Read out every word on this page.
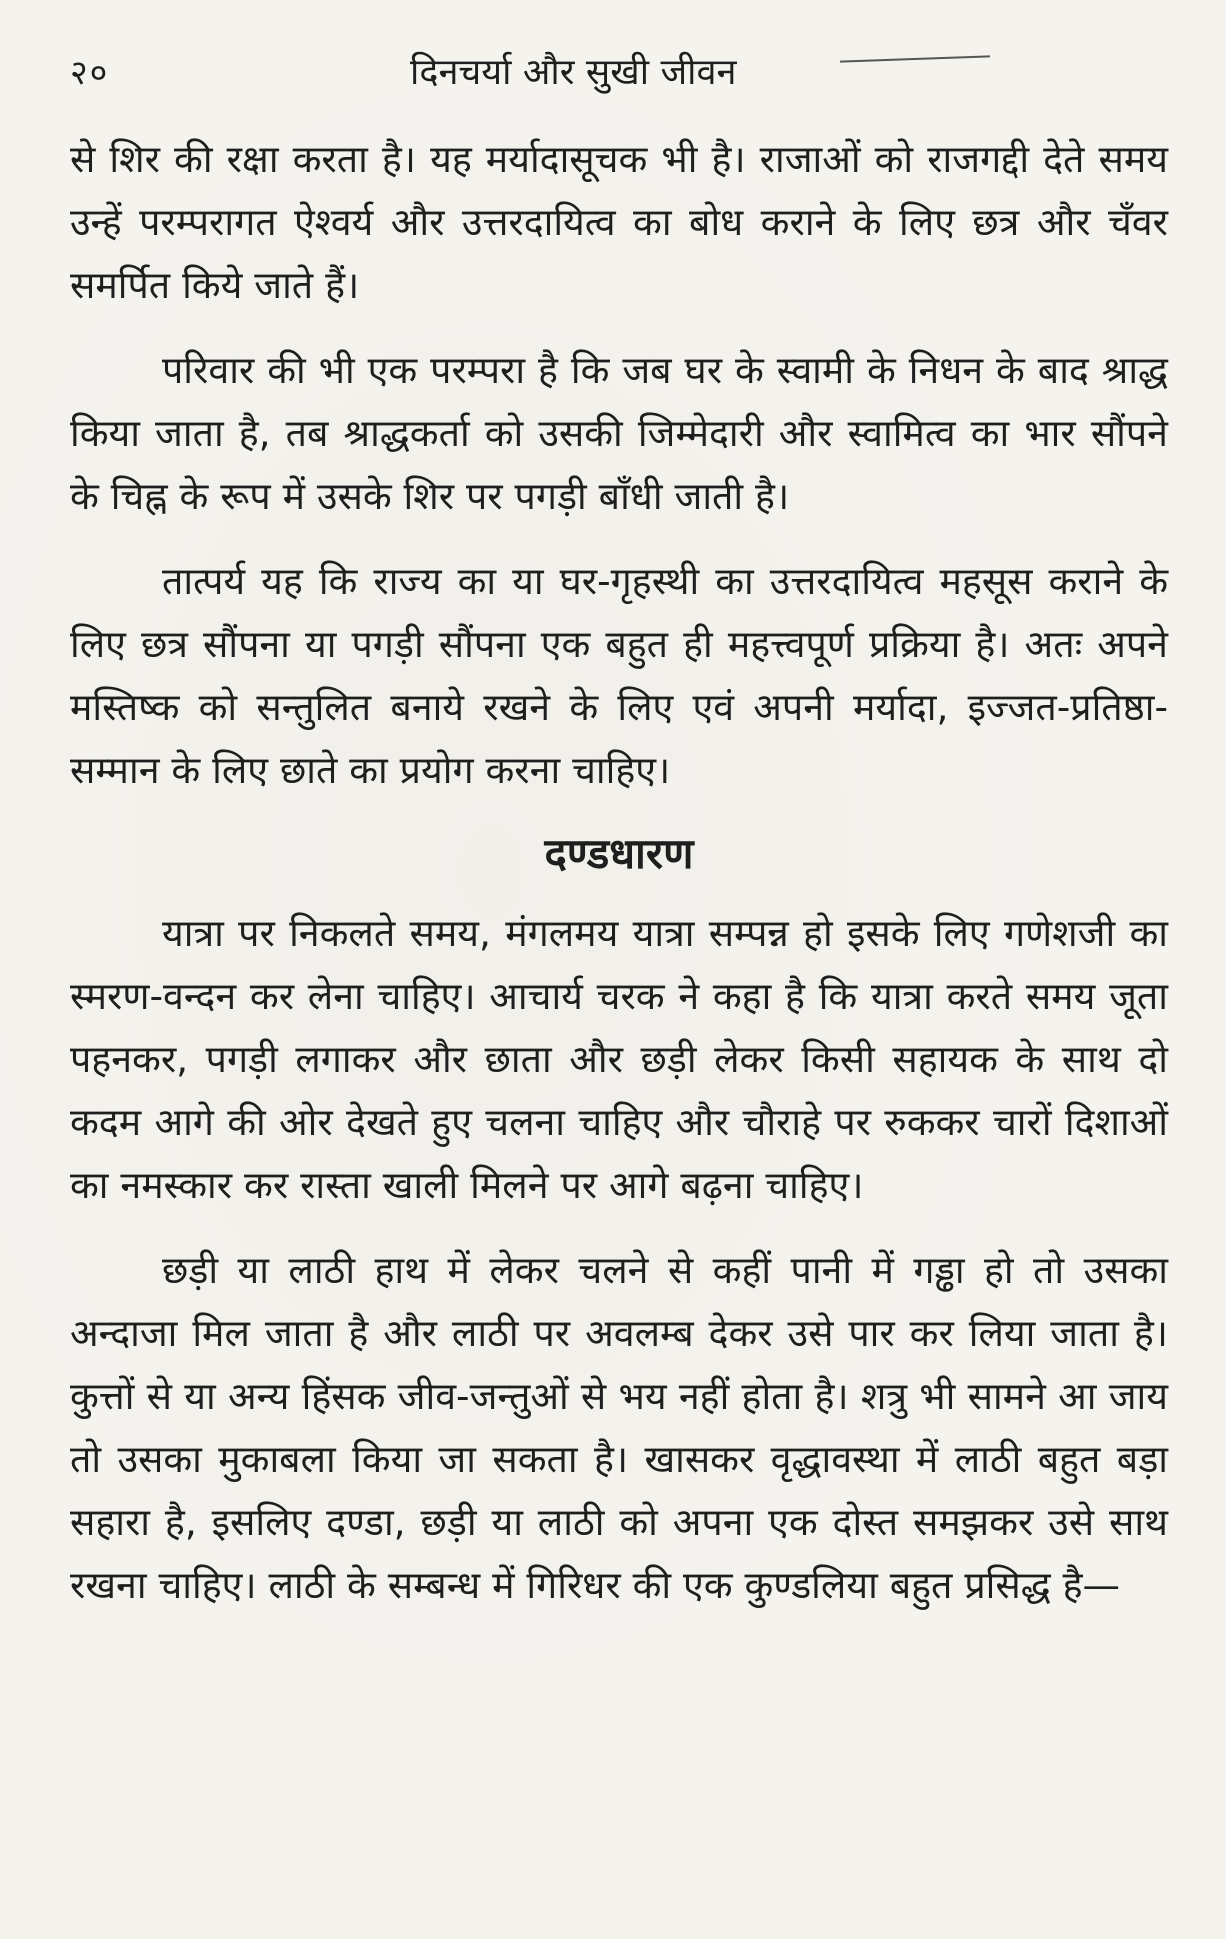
२०	दिनचर्या और सुखी जीवन

से शिर की रक्षा करता है। यह मर्यादासूचक भी है। राजाओं को राजगद्दी देते समय उन्हें परम्परागत ऐश्वर्य और उत्तरदायित्व का बोध कराने के लिए छत्र और चँवर समर्पित किये जाते हैं।

परिवार की भी एक परम्परा है कि जब घर के स्वामी के निधन के बाद श्राद्ध किया जाता है, तब श्राद्धकर्ता को उसकी जिम्मेदारी और स्वामित्व का भार सौंपने के चिह्न के रूप में उसके शिर पर पगड़ी बाँधी जाती है।

तात्पर्य यह कि राज्य का या घर-गृहस्थी का उत्तरदायित्व महसूस कराने के लिए छत्र सौंपना या पगड़ी सौंपना एक बहुत ही महत्त्वपूर्ण प्रक्रिया है। अतः अपने मस्तिष्क को सन्तुलित बनाये रखने के लिए एवं अपनी मर्यादा, इज्जत-प्रतिष्ठा-सम्मान के लिए छाते का प्रयोग करना चाहिए।

दण्डधारण

यात्रा पर निकलते समय, मंगलमय यात्रा सम्पन्न हो इसके लिए गणेशजी का स्मरण-वन्दन कर लेना चाहिए। आचार्य चरक ने कहा है कि यात्रा करते समय जूता पहनकर, पगड़ी लगाकर और छाता और छड़ी लेकर किसी सहायक के साथ दो कदम आगे की ओर देखते हुए चलना चाहिए और चौराहे पर रुककर चारों दिशाओं का नमस्कार कर रास्ता खाली मिलने पर आगे बढ़ना चाहिए।

छड़ी या लाठी हाथ में लेकर चलने से कहीं पानी में गड्ढा हो तो उसका अन्दाजा मिल जाता है और लाठी पर अवलम्ब देकर उसे पार कर लिया जाता है। कुत्तों से या अन्य हिंसक जीव-जन्तुओं से भय नहीं होता है। शत्रु भी सामने आ जाय तो उसका मुकाबला किया जा सकता है। खासकर वृद्धावस्था में लाठी बहुत बड़ा सहारा है, इसलिए दण्डा, छड़ी या लाठी को अपना एक दोस्त समझकर उसे साथ रखना चाहिए। लाठी के सम्बन्ध में गिरिधर की एक कुण्डलिया बहुत प्रसिद्ध है—
